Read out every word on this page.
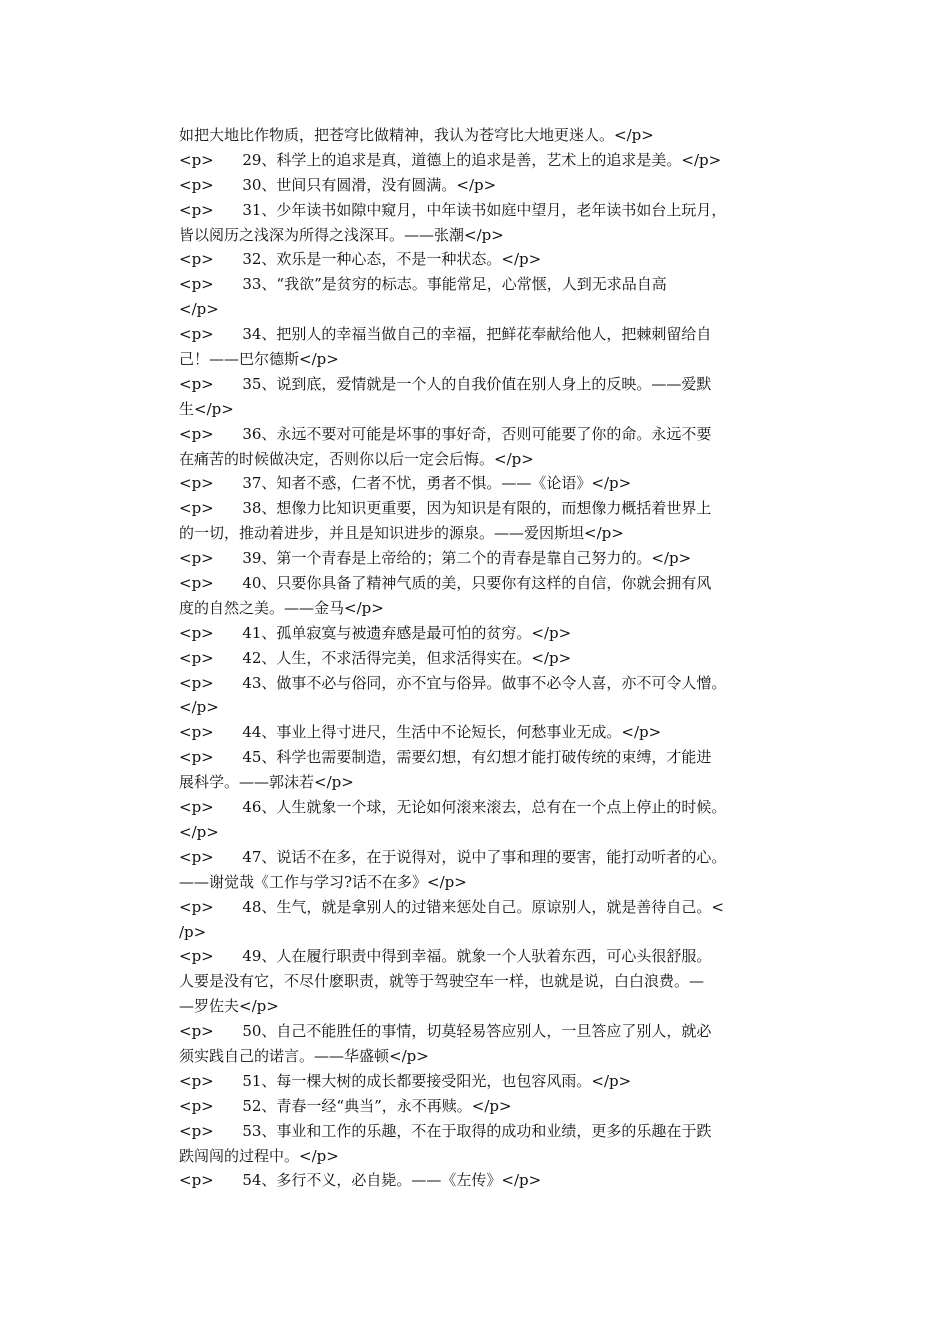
如把大地比作物质，把苍穹比做精神，我认为苍穹比大地更迷人。</p>
<p>      29、科学上的追求是真，道德上的追求是善，艺术上的追求是美。</p>
<p>      30、世间只有圆滑，没有圆满。</p>
<p>      31、少年读书如隙中窥月，中年读书如庭中望月，老年读书如台上玩月，
皆以阅历之浅深为所得之浅深耳。——张潮</p>
<p>      32、欢乐是一种心态，不是一种状态。</p>
<p>      33、“我欲”是贫穷的标志。事能常足，心常惬，人到无求品自高
</p>
<p>      34、把别人的幸福当做自己的幸福，把鲜花奉献给他人，把棘刺留给自
己！——巴尔德斯</p>
<p>      35、说到底，爱情就是一个人的自我价值在别人身上的反映。——爱默
生</p>
<p>      36、永远不要对可能是坏事的事好奇，否则可能要了你的命。永远不要
在痛苦的时候做决定，否则你以后一定会后悔。</p>
<p>      37、知者不惑，仁者不忧，勇者不惧。——《论语》</p>
<p>      38、想像力比知识更重要，因为知识是有限的，而想像力概括着世界上
的一切，推动着进步，并且是知识进步的源泉。——爱因斯坦</p>
<p>      39、第一个青春是上帝给的；第二个的青春是靠自己努力的。</p>
<p>      40、只要你具备了精神气质的美，只要你有这样的自信，你就会拥有风
度的自然之美。——金马</p>
<p>      41、孤单寂寞与被遗弃感是最可怕的贫穷。</p>
<p>      42、人生，不求活得完美，但求活得实在。</p>
<p>      43、做事不必与俗同，亦不宜与俗异。做事不必令人喜，亦不可令人憎。
</p>
<p>      44、事业上得寸进尺，生活中不论短长，何愁事业无成。</p>
<p>      45、科学也需要制造，需要幻想，有幻想才能打破传统的束缚，才能进
展科学。——郭沫若</p>
<p>      46、人生就象一个球，无论如何滚来滚去，总有在一个点上停止的时候。
</p>
<p>      47、说话不在多，在于说得对，说中了事和理的要害，能打动听者的心。
——谢觉哉《工作与学习?话不在多》</p>
<p>      48、生气，就是拿别人的过错来惩处自己。原谅别人，就是善待自己。<
/p>
<p>      49、人在履行职责中得到幸福。就象一个人驮着东西，可心头很舒服。
人要是没有它，不尽什麽职责，就等于驾驶空车一样，也就是说，白白浪费。—
—罗佐夫</p>
<p>      50、自己不能胜任的事情，切莫轻易答应别人，一旦答应了别人，就必
须实践自己的诺言。——华盛顿</p>
<p>      51、每一棵大树的成长都要接受阳光，也包容风雨。</p>
<p>      52、青春一经“典当”，永不再赎。</p>
<p>      53、事业和工作的乐趣，不在于取得的成功和业绩，更多的乐趣在于跌
跌闯闯的过程中。</p>
<p>      54、多行不义，必自毙。——《左传》</p>
